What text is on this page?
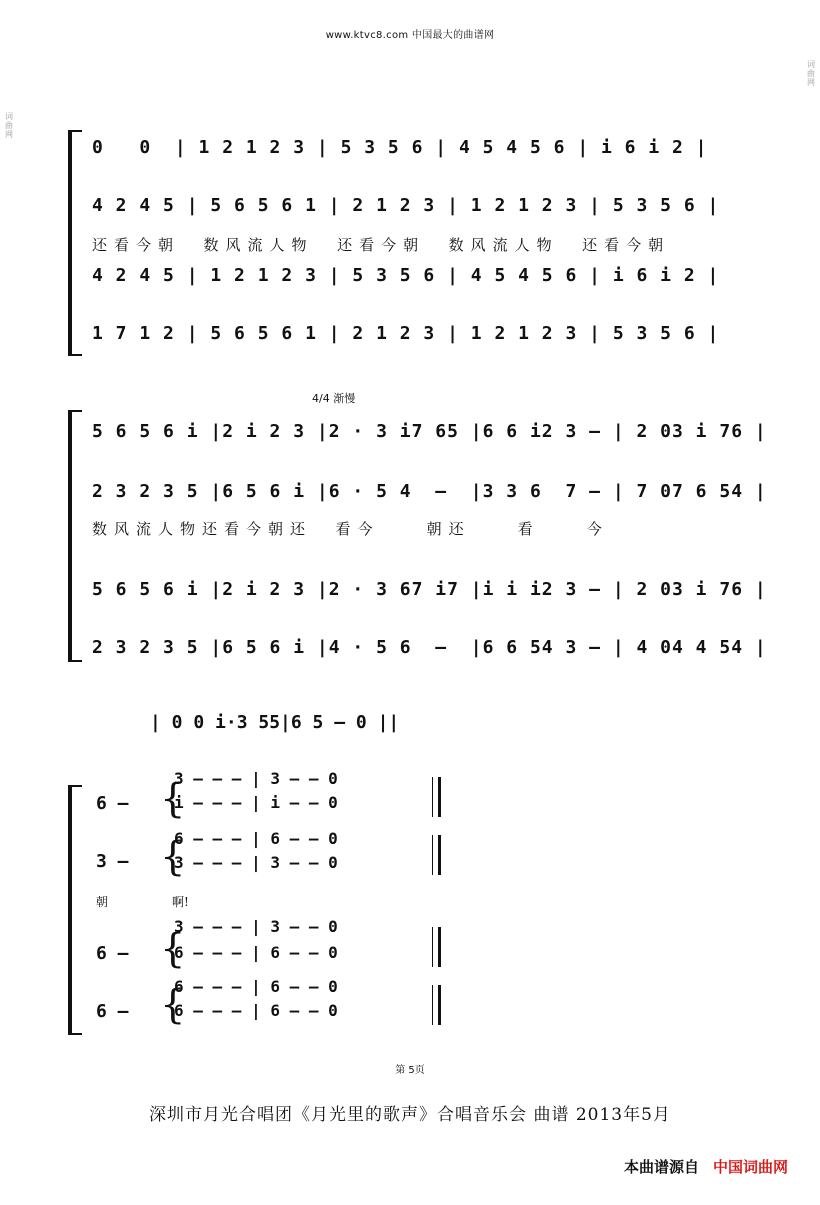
www.ktvc8.com 中国最大的曲谱网
词曲网
词曲网
0   0  | 1 2 1 2 3 | 5 3 5 6 | 4 5 4 5 6 | i 6 i 2 |
4 2 4 5 | 5 6 5 6 1 | 2 1 2 3 | 1 2 1 2 3 | 5 3 5 6 |
还看今朝  数风流人物  还看今朝  数风流人物  还看今朝
4 2 4 5 | 1 2 1 2 3 | 5 3 5 6 | 4 5 4 5 6 | i 6 i 2 |
1 7 1 2 | 5 6 5 6 1 | 2 1 2 3 | 1 2 1 2 3 | 5 3 5 6 |
4/4 渐慢
5 6 5 6 i |2 i 2 3 |2 · 3 i7 65 |6 6 i2 3 — | 2 03 i 76 |
2 3 2 3 5 |6 5 6 i |6 · 5 4  —  |3 3 6  7 — | 7 07 6 54 |
数风流人物还看今朝还  看今    朝还    看    今
5 6 5 6 i |2 i 2 3 |2 · 3 67 i7 |i i i2 3 — | 2 03 i 76 |
2 3 2 3 5 |6 5 6 i |4 · 5 6  —  |6 6 54 3 — | 4 04 4 54 |
| 0 0 i·3 55|6 5 — 0 ||
6 — {
3 — — — | 3 — — 0
i — — — | i — — 0
3 — {
6 — — — | 6 — — 0
3 — — — | 3 — — 0
朝	啊!
6 — {
3 — — — | 3 — — 0
6 — — — | 6 — — 0
6 — {
6 — — — | 6 — — 0
6 — — — | 6 — — 0
第 5页
深圳市月光合唱团《月光里的歌声》合唱音乐会 曲谱 2013年5月
本曲谱源自 中国词曲网
